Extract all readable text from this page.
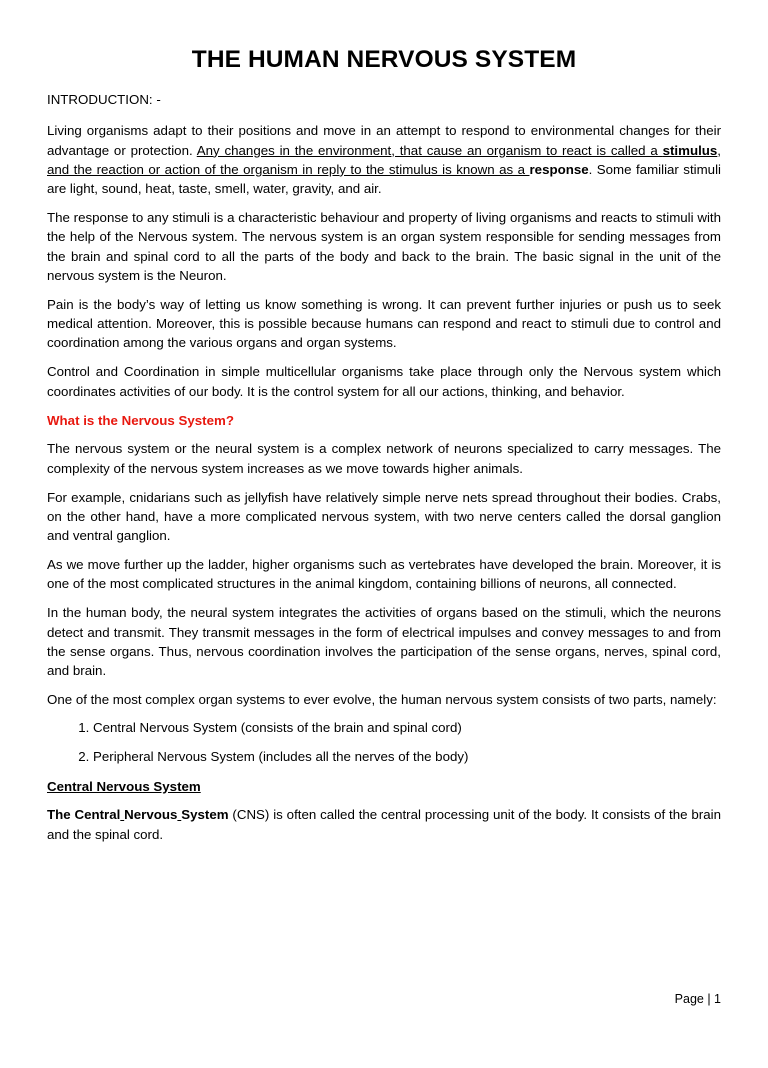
THE HUMAN NERVOUS SYSTEM

INTRODUCTION: -

Living organisms adapt to their positions and move in an attempt to respond to environmental changes for their advantage or protection. Any changes in the environment, that cause an organism to react is called a stimulus, and the reaction or action of the organism in reply to the stimulus is known as a response. Some familiar stimuli are light, sound, heat, taste, smell, water, gravity, and air.

The response to any stimuli is a characteristic behaviour and property of living organisms and reacts to stimuli with the help of the Nervous system. The nervous system is an organ system responsible for sending messages from the brain and spinal cord to all the parts of the body and back to the brain. The basic signal in the unit of the nervous system is the Neuron.

Pain is the body’s way of letting us know something is wrong. It can prevent further injuries or push us to seek medical attention. Moreover, this is possible because humans can respond and react to stimuli due to control and coordination among the various organs and organ systems.

Control and Coordination in simple multicellular organisms take place through only the Nervous system which coordinates activities of our body. It is the control system for all our actions, thinking, and behavior.

What is the Nervous System?

The nervous system or the neural system is a complex network of neurons specialized to carry messages. The complexity of the nervous system increases as we move towards higher animals.

For example, cnidarians such as jellyfish have relatively simple nerve nets spread throughout their bodies. Crabs, on the other hand, have a more complicated nervous system, with two nerve centers called the dorsal ganglion and ventral ganglion.

As we move further up the ladder, higher organisms such as vertebrates have developed the brain. Moreover, it is one of the most complicated structures in the animal kingdom, containing billions of neurons, all connected.

In the human body, the neural system integrates the activities of organs based on the stimuli, which the neurons detect and transmit. They transmit messages in the form of electrical impulses and convey messages to and from the sense organs. Thus, nervous coordination involves the participation of the sense organs, nerves, spinal cord, and brain.

One of the most complex organ systems to ever evolve, the human nervous system consists of two parts, namely:

1. Central Nervous System (consists of the brain and spinal cord)
2. Peripheral Nervous System (includes all the nerves of the body)

Central Nervous System

The Central Nervous System (CNS) is often called the central processing unit of the body. It consists of the brain and the spinal cord.

Page | 1
